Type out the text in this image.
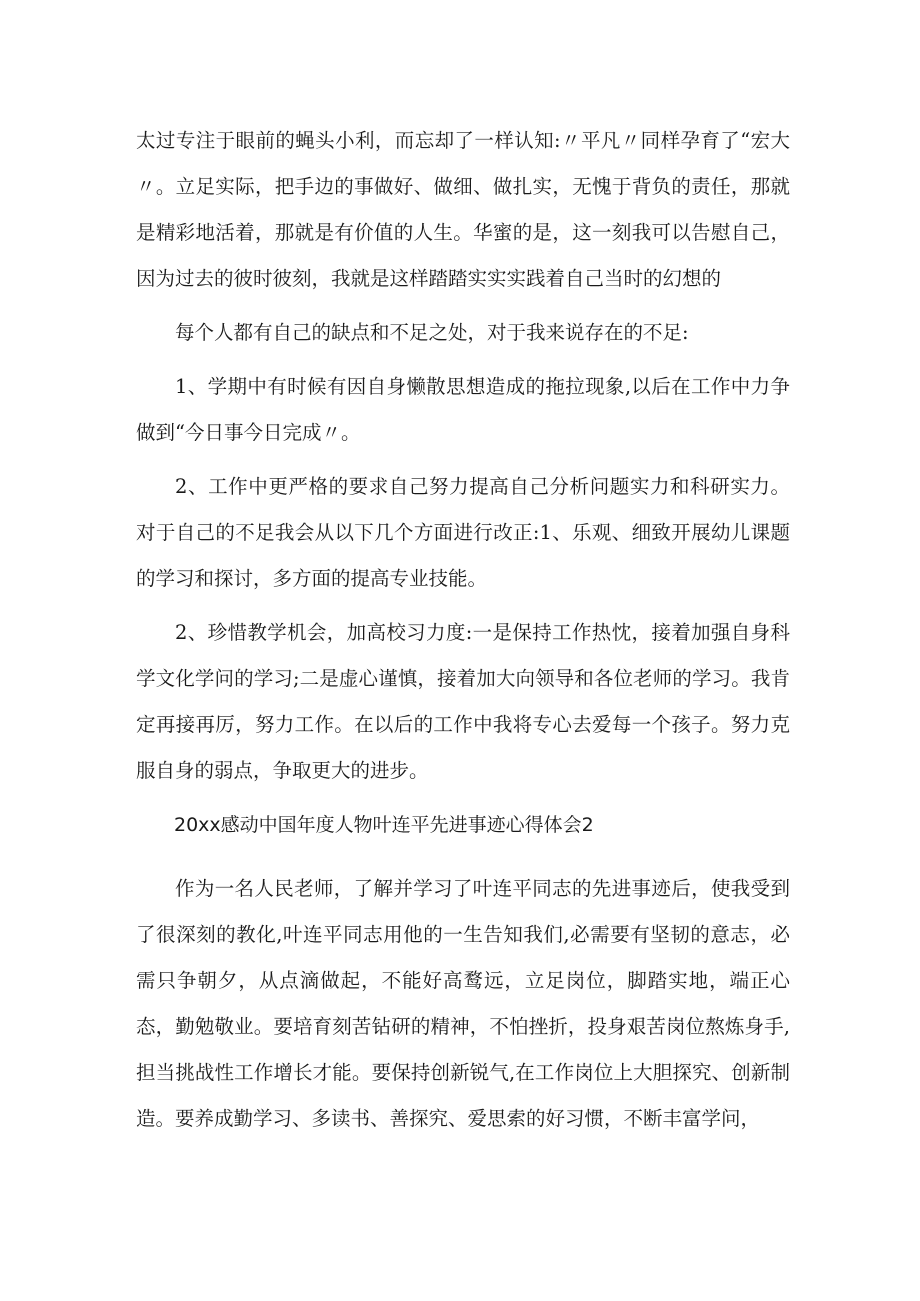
太过专注于眼前的蝇头小利，而忘却了一样认知:〃平凡〃同样孕育了“宏大〃。立足实际，把手边的事做好、做细、做扎实，无愧于背负的责任，那就是精彩地活着，那就是有价值的人生。华蜜的是，这一刻我可以告慰自己，因为过去的彼时彼刻，我就是这样踏踏实实实践着自己当时的幻想的

每个人都有自己的缺点和不足之处，对于我来说存在的不足:

1、学期中有时候有因自身懒散思想造成的拖拉现象,以后在工作中力争做到“今日事今日完成〃。

2、工作中更严格的要求自己努力提高自己分析问题实力和科研实力。对于自己的不足我会从以下几个方面进行改正:1、乐观、细致开展幼儿课题的学习和探讨，多方面的提高专业技能。

2、珍惜教学机会，加高校习力度:一是保持工作热忱，接着加强自身科学文化学问的学习;二是虚心谨慎，接着加大向领导和各位老师的学习。我肯定再接再厉，努力工作。在以后的工作中我将专心去爱每一个孩子。努力克服自身的弱点，争取更大的进步。

20xx感动中国年度人物叶连平先进事迹心得体会2

作为一名人民老师，了解并学习了叶连平同志的先进事迹后，使我受到了很深刻的教化,叶连平同志用他的一生告知我们,必需要有坚韧的意志，必需只争朝夕，从点滴做起，不能好高鹜远，立足岗位，脚踏实地，端正心态，勤勉敬业。要培育刻苦钻研的精神，不怕挫折，投身艰苦岗位熬炼身手,担当挑战性工作增长才能。要保持创新锐气,在工作岗位上大胆探究、创新制造。要养成勤学习、多读书、善探究、爱思索的好习惯，不断丰富学问，
